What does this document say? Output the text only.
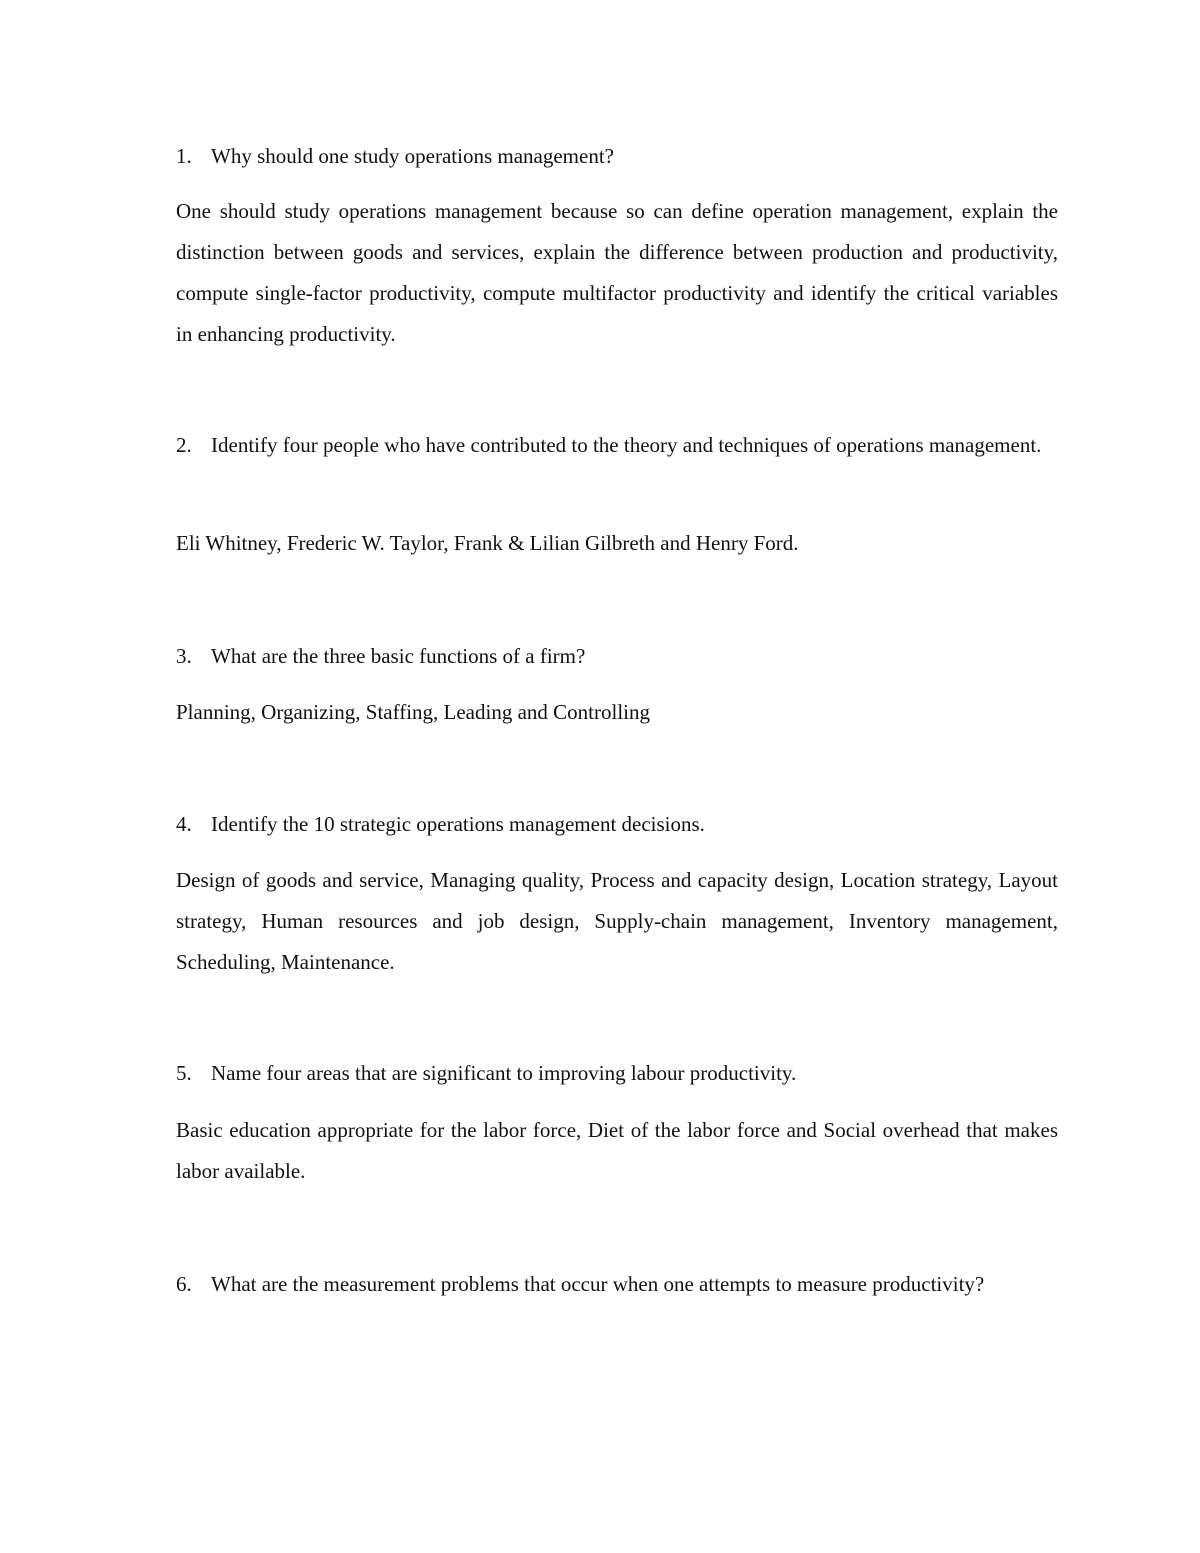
1. Why should one study operations management?
One should study operations management because so can define operation management, explain the distinction between goods and services, explain the difference between production and productivity, compute single-factor productivity, compute multifactor productivity and identify the critical variables in enhancing productivity.
2. Identify four people who have contributed to the theory and techniques of operations management.
Eli Whitney, Frederic W. Taylor, Frank & Lilian Gilbreth and Henry Ford.
3. What are the three basic functions of a firm?
Planning, Organizing, Staffing, Leading and Controlling
4. Identify the 10 strategic operations management decisions.
Design of goods and service, Managing quality, Process and capacity design, Location strategy, Layout strategy, Human resources and job design, Supply-chain management, Inventory management, Scheduling, Maintenance.
5. Name four areas that are significant to improving labour productivity.
Basic education appropriate for the labor force, Diet of the labor force and Social overhead that makes labor available.
6. What are the measurement problems that occur when one attempts to measure productivity?
